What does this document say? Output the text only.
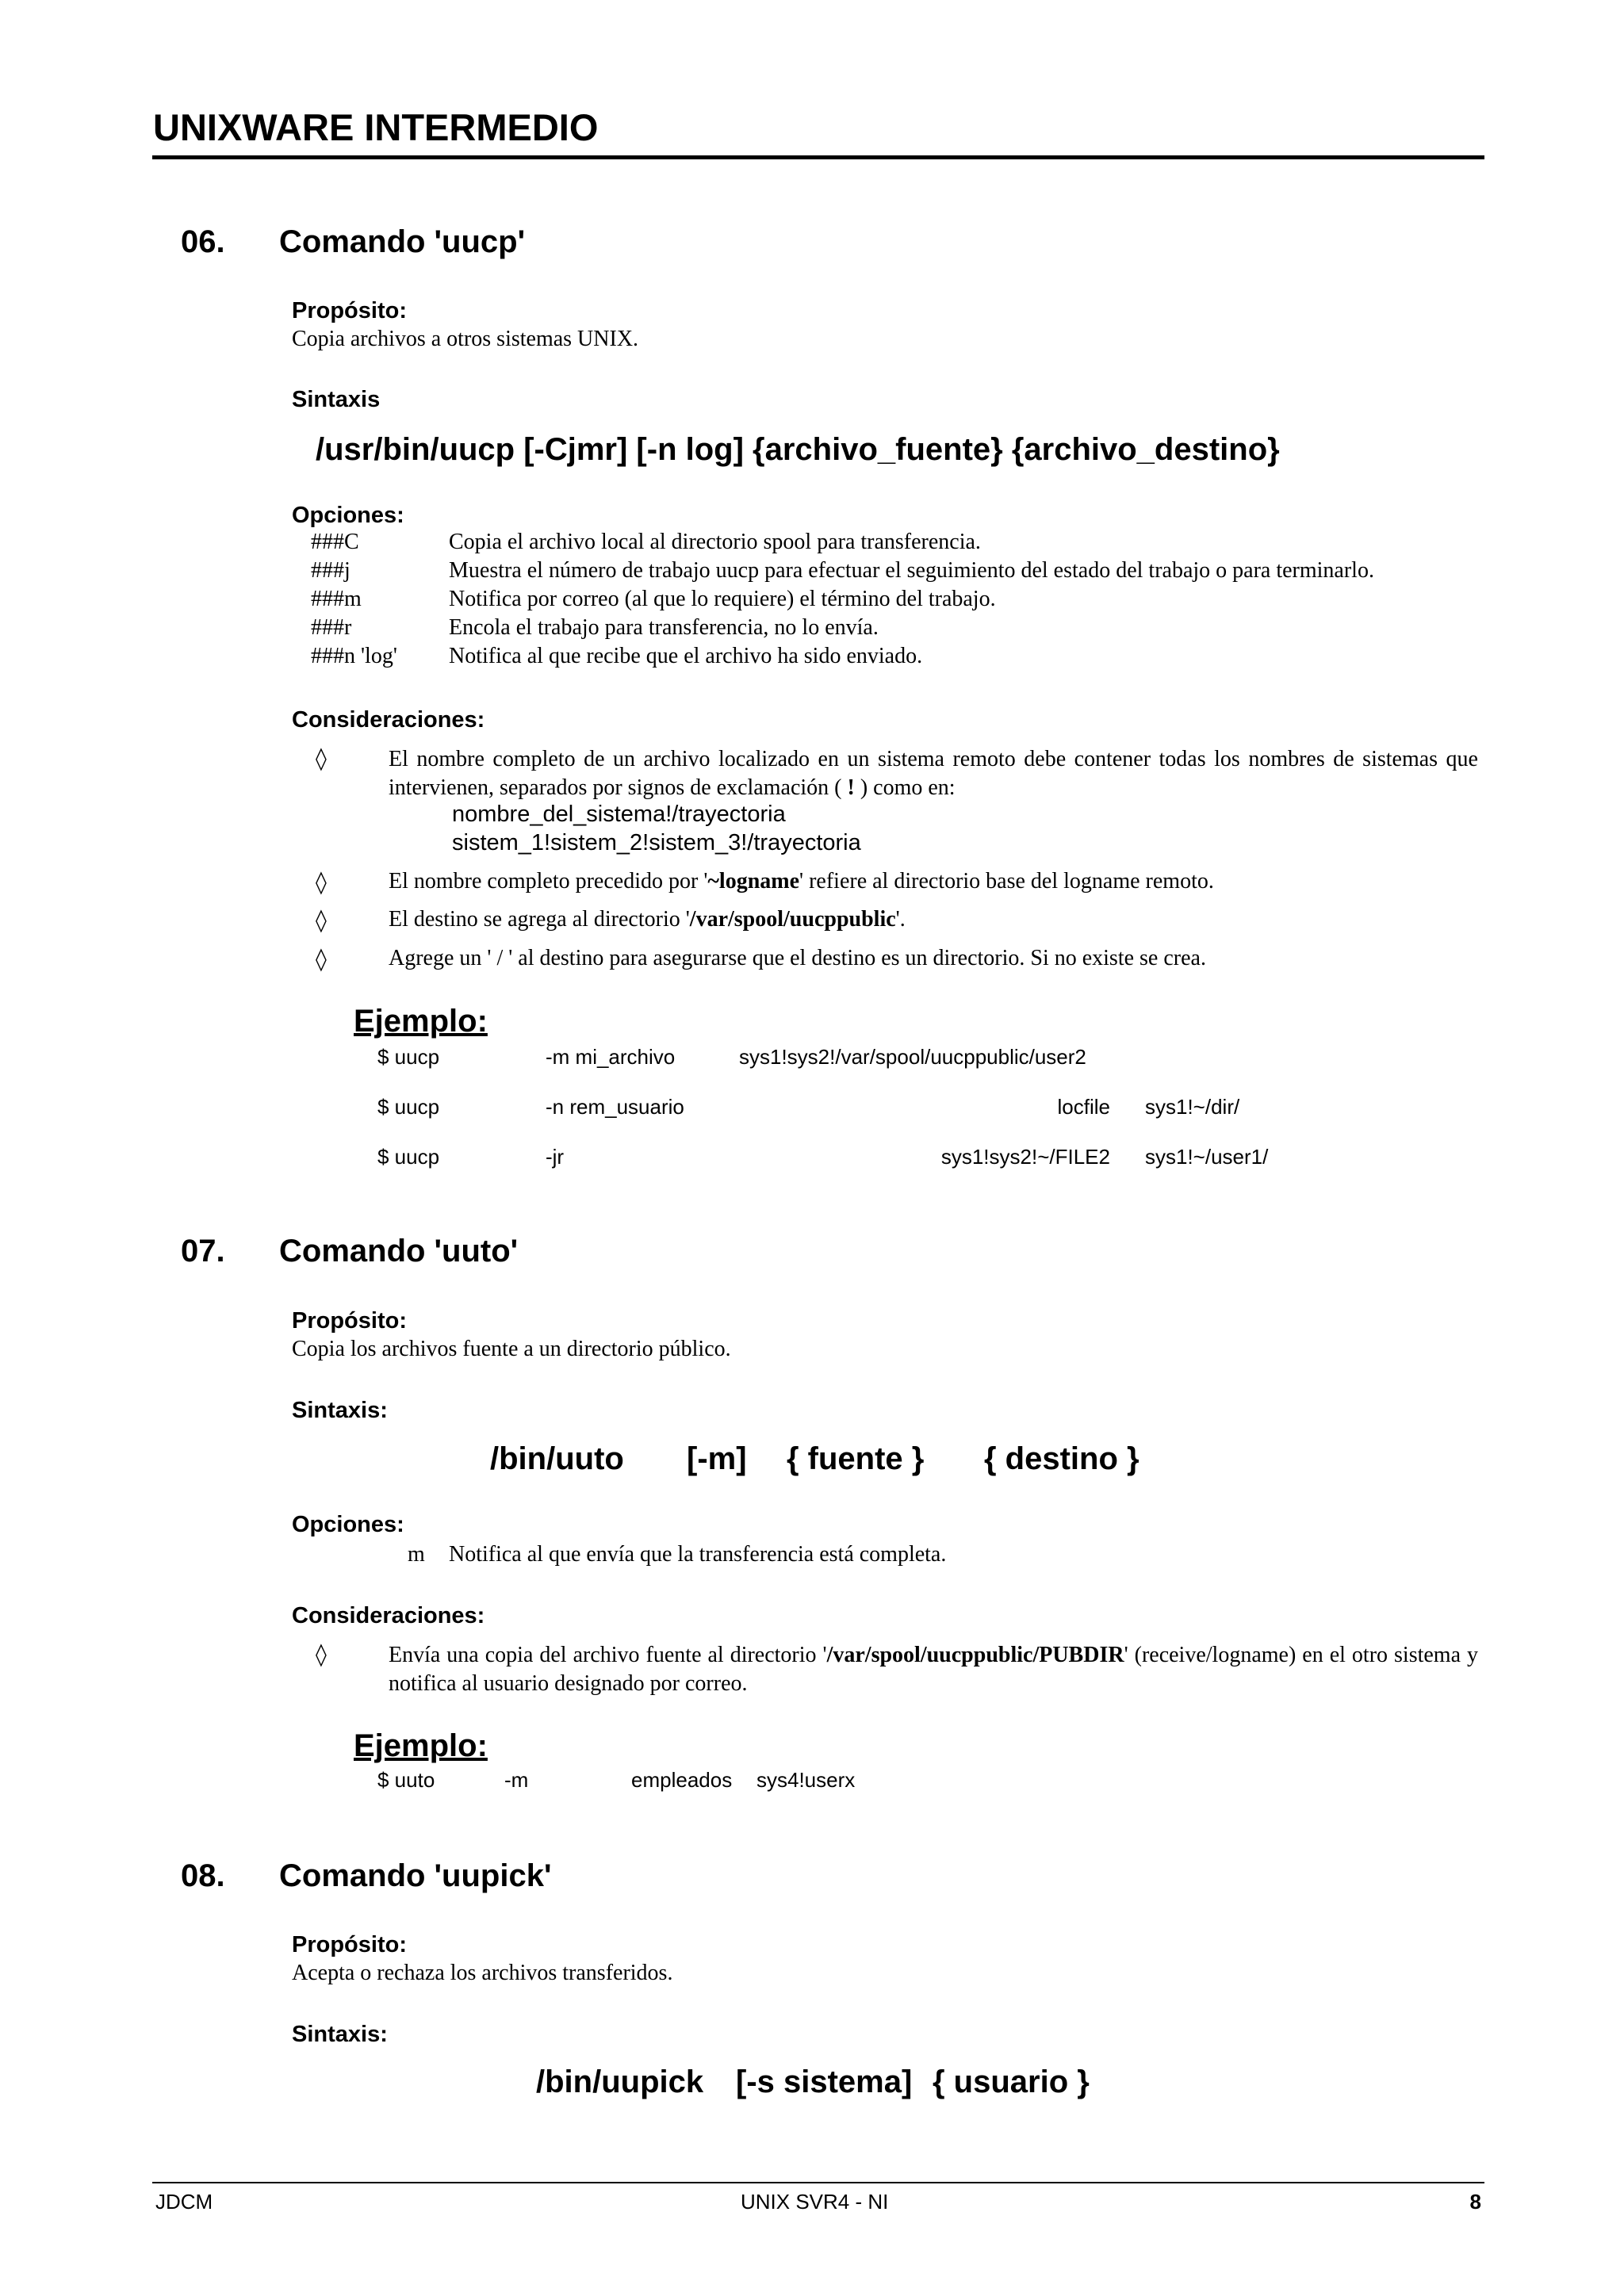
UNIXWARE INTERMEDIO
06. Comando 'uucp'
Propósito:
Copia archivos a otros sistemas UNIX.
Sintaxis
/usr/bin/uucp [-Cjmr] [-n log] {archivo_fuente} {archivo_destino}
Opciones:
###C	Copia el archivo local al directorio spool para transferencia.
###j	Muestra el número de trabajo uucp para efectuar el seguimiento del estado del trabajo o para terminarlo.
###m	Notifica por correo (al que lo requiere) el término del trabajo.
###r	Encola el trabajo para transferencia, no lo envía.
###n 'log' Notifica al que recibe que el archivo ha sido enviado.
Consideraciones:
◊	El nombre completo de un archivo localizado en un sistema remoto debe contener todas los nombres de sistemas que intervienen, separados por signos de exclamación ( ! ) como en:
nombre_del_sistema!/trayectoria
sistem_1!sistem_2!sistem_3!/trayectoria
◊	El nombre completo precedido por '~logname' refiere al directorio base del logname remoto.
◊	El destino se agrega al directorio '/var/spool/uucppublic'.
◊	Agrege un ' / ' al destino para asegurarse que el destino es un directorio. Si no existe se crea.
Ejemplo:
$ uucp	-m mi_archivo	sys1!sys2!/var/spool/uucppublic/user2
$ uucp	-n rem_usuario	locfile sys1!~/dir/
$ uucp	-jr	sys1!sys2!~/FILE2 sys1!~/user1/
07. Comando 'uuto'
Propósito:
Copia los archivos fuente a un directorio público.
Sintaxis:
/bin/uuto [-m] { fuente } { destino }
Opciones:
m Notifica al que envía que la transferencia está completa.
Consideraciones:
◊	Envía una copia del archivo fuente al directorio '/var/spool/uucppublic/PUBDIR' (receive/logname) en el otro sistema y notifica al usuario designado por correo.
Ejemplo:
$ uuto	-m	empleados sys4!userx
08. Comando 'uupick'
Propósito:
Acepta o rechaza los archivos transferidos.
Sintaxis:
/bin/uupick [-s sistema] { usuario }
JDCM	UNIX SVR4 - NI	8
